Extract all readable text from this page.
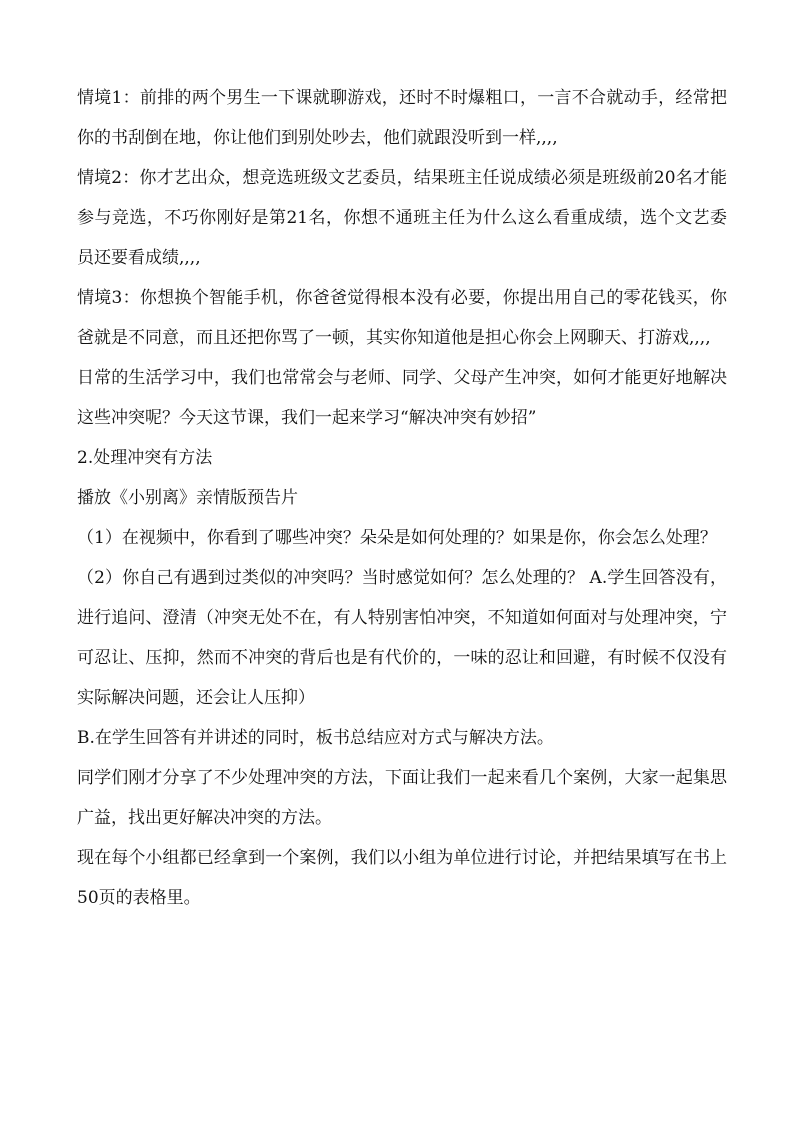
情境1：前排的两个男生一下课就聊游戏，还时不时爆粗口，一言不合就动手，经常把你的书刮倒在地，你让他们到别处吵去，他们就跟没听到一样,,,,

情境2：你才艺出众，想竞选班级文艺委员，结果班主任说成绩必须是班级前20名才能参与竞选，不巧你刚好是第21名，你想不通班主任为什么这么看重成绩，选个文艺委员还要看成绩,,,,

情境3：你想换个智能手机，你爸爸觉得根本没有必要，你提出用自己的零花钱买，你爸就是不同意，而且还把你骂了一顿，其实你知道他是担心你会上网聊天、打游戏,,,,

日常的生活学习中，我们也常常会与老师、同学、父母产生冲突，如何才能更好地解决这些冲突呢？今天这节课，我们一起来学习“解决冲突有妙招”

2.处理冲突有方法

播放《小别离》亲情版预告片

（1）在视频中，你看到了哪些冲突？朵朵是如何处理的？如果是你，你会怎么处理？

（2）你自己有遇到过类似的冲突吗？当时感觉如何？怎么处理的？ A.学生回答没有，进行追问、澄清（冲突无处不在，有人特别害怕冲突，不知道如何面对与处理冲突，宁可忍让、压抑，然而不冲突的背后也是有代价的，一味的忍让和回避，有时候不仅没有实际解决问题，还会让人压抑）

B.在学生回答有并讲述的同时，板书总结应对方式与解决方法。

同学们刚才分享了不少处理冲突的方法，下面让我们一起来看几个案例，大家一起集思广益，找出更好解决冲突的方法。

现在每个小组都已经拿到一个案例，我们以小组为单位进行讨论，并把结果填写在书上50页的表格里。
